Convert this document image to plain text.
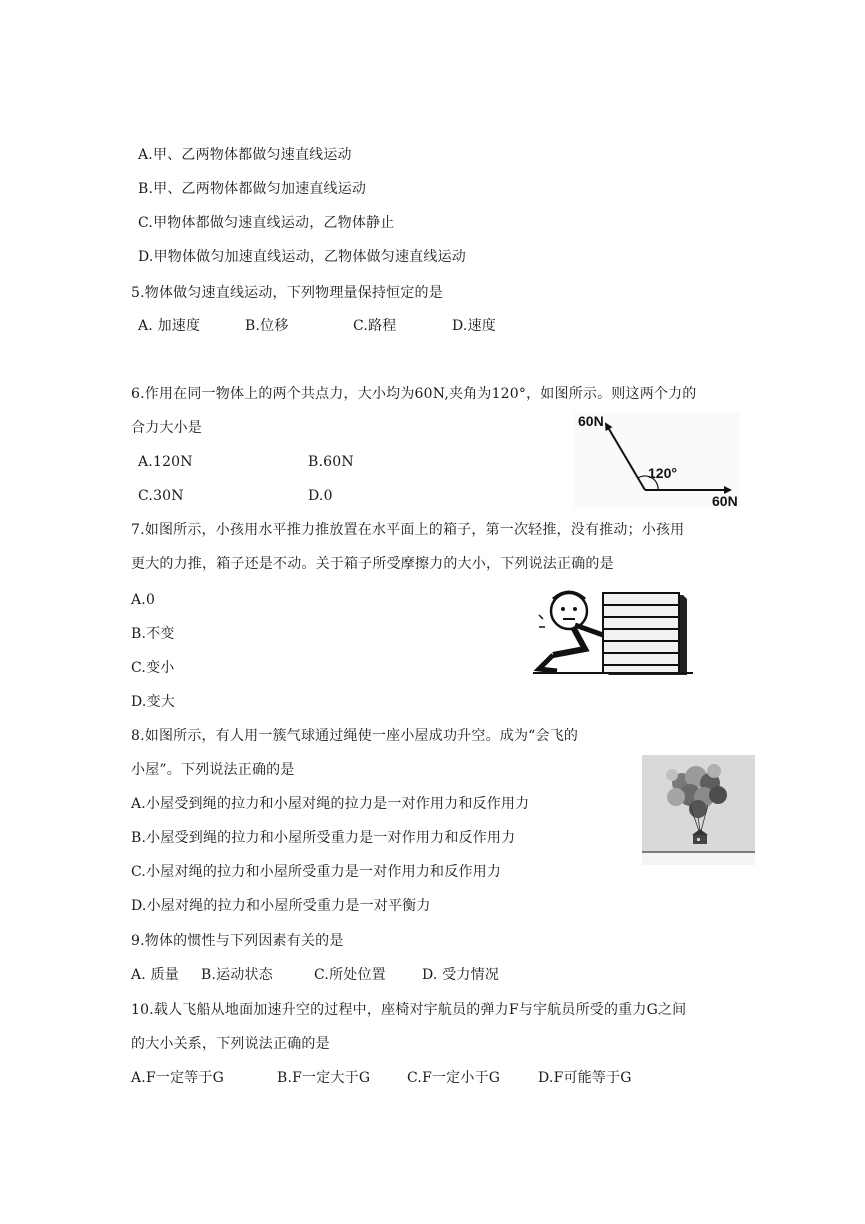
A.甲、乙两物体都做匀速直线运动
B.甲、乙两物体都做匀加速直线运动
C.甲物体都做匀速直线运动，乙物体静止
D.甲物体做匀加速直线运动，乙物体做匀速直线运动
5.物体做匀速直线运动，下列物理量保持恒定的是
A. 加速度	B.位移	C.路程	D.速度
6.作用在同一物体上的两个共点力，大小均为60N,夹角为120°，如图所示。则这两个力的
合力大小是
A.120N	B.60N
C.30N	D.0
60N
120°
60N
7.如图所示，小孩用水平推力推放置在水平面上的箱子，第一次轻推，没有推动；小孩用
更大的力推，箱子还是不动。关于箱子所受摩擦力的大小，下列说法正确的是
A.0
B.不变
C.变小
D.变大
8.如图所示，有人用一簇气球通过绳使一座小屋成功升空。成为“会飞的
小屋”。下列说法正确的是
A.小屋受到绳的拉力和小屋对绳的拉力是一对作用力和反作用力
B.小屋受到绳的拉力和小屋所受重力是一对作用力和反作用力
C.小屋对绳的拉力和小屋所受重力是一对作用力和反作用力
D.小屋对绳的拉力和小屋所受重力是一对平衡力
9.物体的惯性与下列因素有关的是
A. 质量 B.运动状态	C.所处位置	D. 受力情况
10.载人飞船从地面加速升空的过程中，座椅对宇航员的弹力F与宇航员所受的重力G之间
的大小关系，下列说法正确的是
A.F一定等于G	B.F一定大于G	C.F一定小于G	D.F可能等于G
